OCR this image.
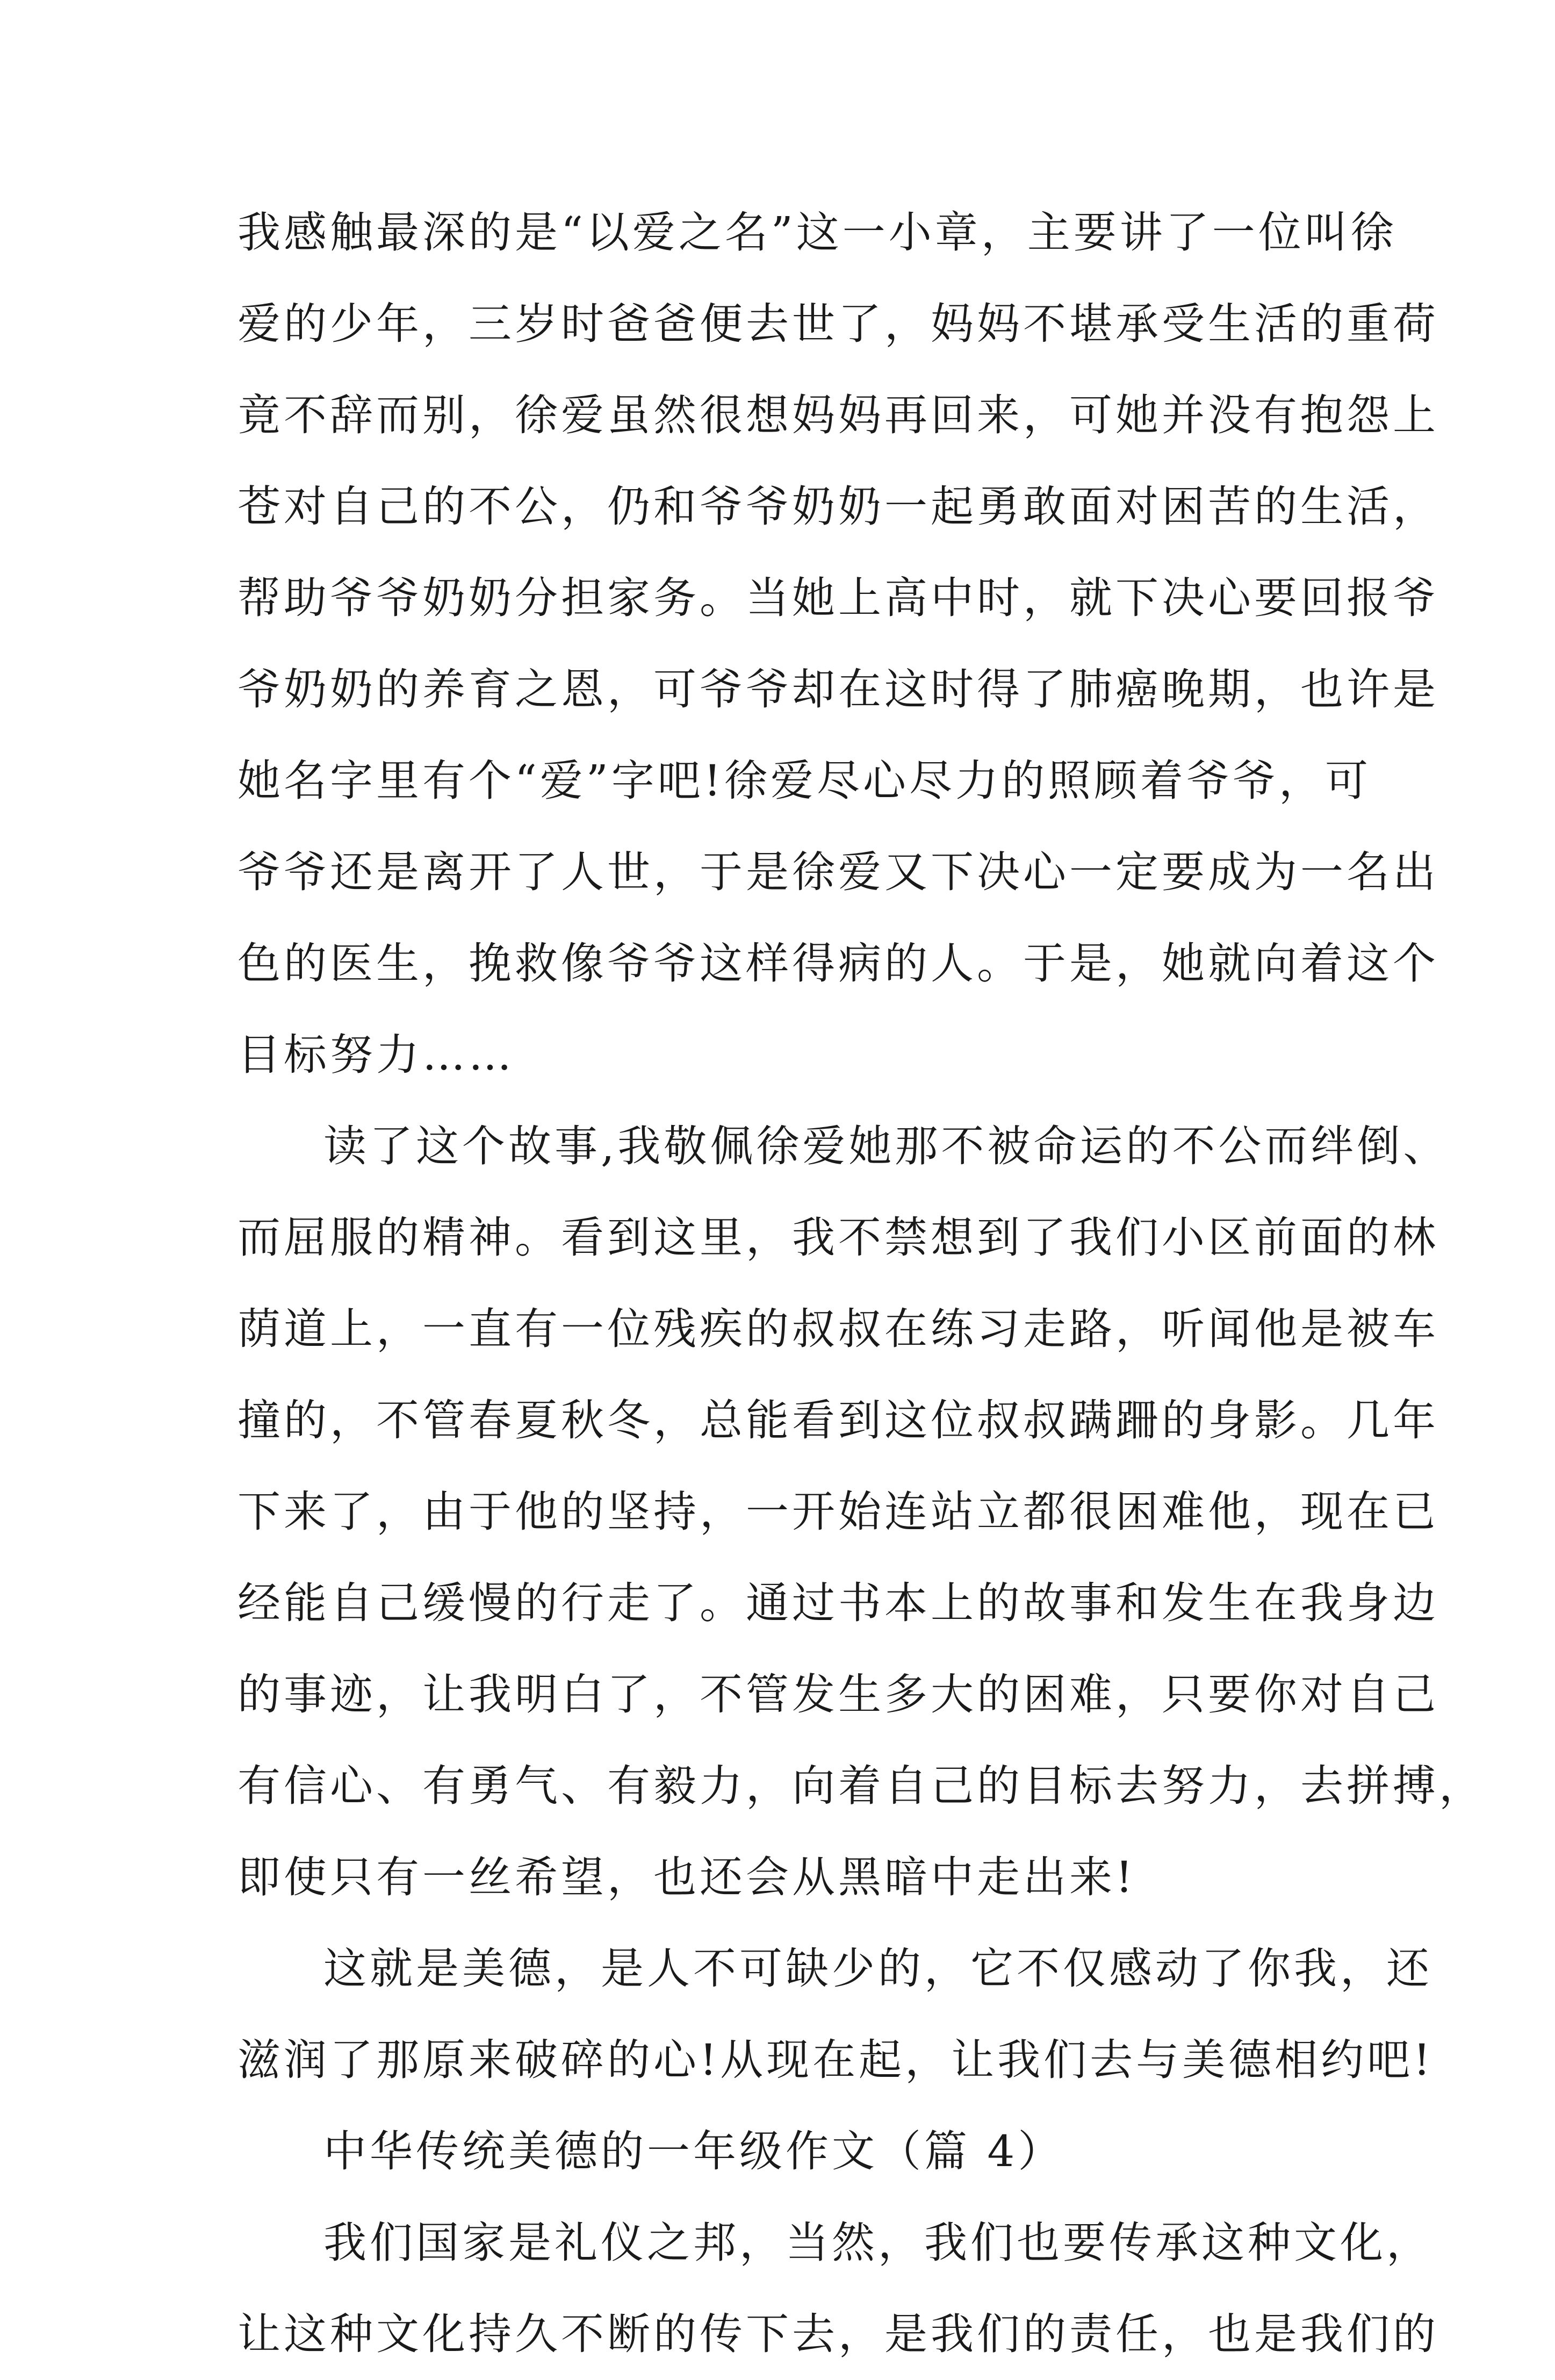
我感触最深的是“以爱之名”这一小章，主要讲了一位叫徐
爱的少年，三岁时爸爸便去世了，妈妈不堪承受生活的重荷
竟不辞而别，徐爱虽然很想妈妈再回来，可她并没有抱怨上
苍对自己的不公，仍和爷爷奶奶一起勇敢面对困苦的生活，
帮助爷爷奶奶分担家务。当她上高中时，就下决心要回报爷
爷奶奶的养育之恩，可爷爷却在这时得了肺癌晚期，也许是
她名字里有个“爱”字吧!徐爱尽心尽力的照顾着爷爷，可
爷爷还是离开了人世，于是徐爱又下决心一定要成为一名出
色的医生，挽救像爷爷这样得病的人。于是，她就向着这个
目标努力……
读了这个故事,我敬佩徐爱她那不被命运的不公而绊倒、
而屈服的精神。看到这里，我不禁想到了我们小区前面的林
荫道上，一直有一位残疾的叔叔在练习走路，听闻他是被车
撞的，不管春夏秋冬，总能看到这位叔叔蹒跚的身影。几年
下来了，由于他的坚持，一开始连站立都很困难他，现在已
经能自己缓慢的行走了。通过书本上的故事和发生在我身边
的事迹，让我明白了，不管发生多大的困难，只要你对自己
有信心、有勇气、有毅力，向着自己的目标去努力，去拼搏，
即使只有一丝希望，也还会从黑暗中走出来!
这就是美德，是人不可缺少的，它不仅感动了你我，还
滋润了那原来破碎的心!从现在起，让我们去与美德相约吧!
中华传统美德的一年级作文（篇 4）
我们国家是礼仪之邦，当然，我们也要传承这种文化，
让这种文化持久不断的传下去，是我们的责任，也是我们的
